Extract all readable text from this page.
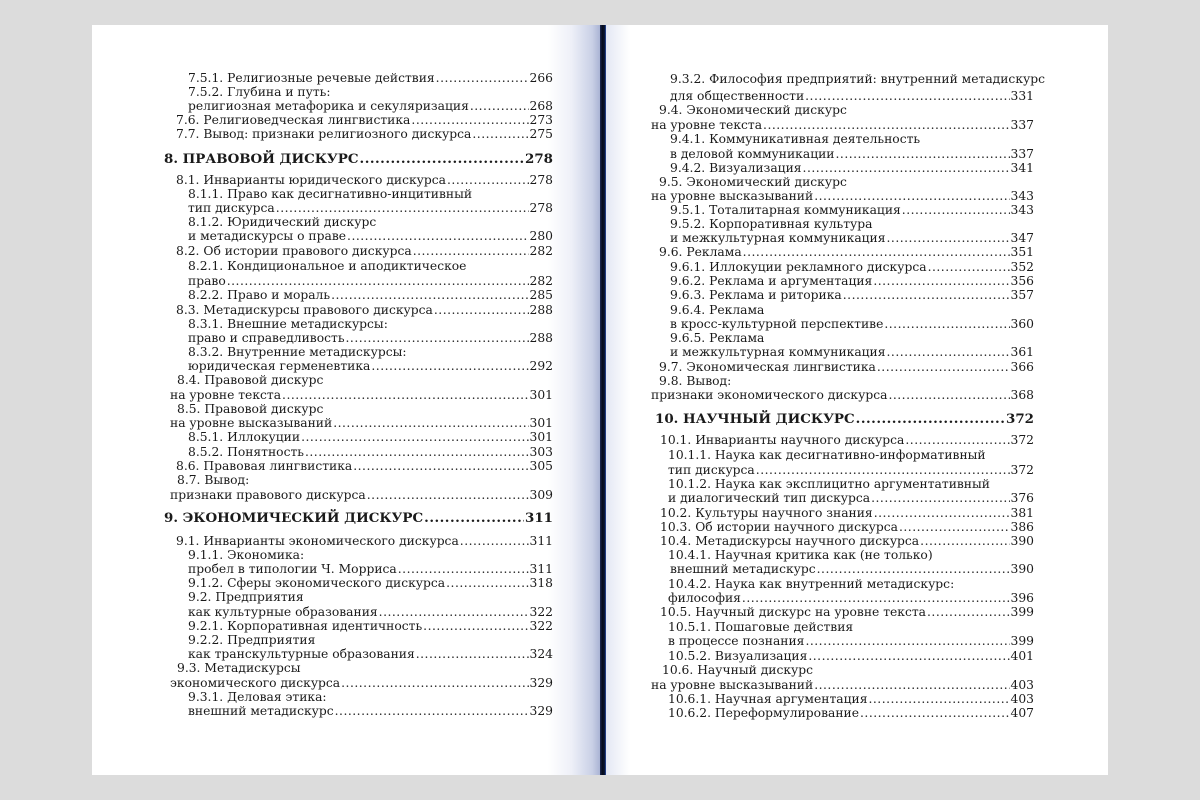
7.5.1. Религиозные речевые действия .....	266
7.5.2. Глубина и путь:
религиозная метафорика и секуляризация .....	268
7.6. Религиоведческая лингвистика .....	273
7.7. Вывод: признаки религиозного дискурса .....	275
8. ПРАВОВОЙ ДИСКУРС .....	278
8.1. Инварианты юридического дискурса .....	278
8.1.1. Право как десигнативно-инцитивный
тип дискурса .....	278
8.1.2. Юридический дискурс
и метадискурсы о праве .....	280
8.2. Об истории правового дискурса .....	282
8.2.1. Кондициональное и аподиктическое
право .....	282
8.2.2. Право и мораль .....	285
8.3. Метадискурсы правового дискурса .....	288
8.3.1. Внешние метадискурсы:
право и справедливость .....	288
8.3.2. Внутренние метадискурсы:
юридическая герменевтика .....	292
8.4. Правовой дискурс
на уровне текста .....	301
8.5. Правовой дискурс
на уровне высказываний .....	301
8.5.1. Иллокуции .....	301
8.5.2. Понятность .....	303
8.6. Правовая лингвистика .....	305
8.7. Вывод:
признаки правового дискурса .....	309
9. ЭКОНОМИЧЕСКИЙ ДИСКУРС .....	311
9.1. Инварианты экономического дискурса .....	311
9.1.1. Экономика:
пробел в типологии Ч. Морриса .....	311
9.1.2. Сферы экономического дискурса .....	318
9.2. Предприятия
как культурные образования .....	322
9.2.1. Корпоративная идентичность .....	322
9.2.2. Предприятия
как транскультурные образования .....	324
9.3. Метадискурсы
экономического дискурса .....	329
9.3.1. Деловая этика:
внешний метадискурс .....	329
9.3.2. Философия предприятий: внутренний метадискурс
для общественности .....	331
9.4. Экономический дискурс
на уровне текста .....	337
9.4.1. Коммуникативная деятельность
в деловой коммуникации .....	337
9.4.2. Визуализация .....	341
9.5. Экономический дискурс
на уровне высказываний .....	343
9.5.1. Тоталитарная коммуникация .....	343
9.5.2. Корпоративная культура
и межкультурная коммуникация .....	347
9.6. Реклама .....	351
9.6.1. Иллокуции рекламного дискурса .....	352
9.6.2. Реклама и аргументация .....	356
9.6.3. Реклама и риторика .....	357
9.6.4. Реклама
в кросс-культурной перспективе .....	360
9.6.5. Реклама
и межкультурная коммуникация .....	361
9.7. Экономическая лингвистика .....	366
9.8. Вывод:
признаки экономического дискурса .....	368
10. НАУЧНЫЙ ДИСКУРС .....	372
10.1. Инварианты научного дискурса .....	372
10.1.1. Наука как десигнативно-информативный
тип дискурса .....	372
10.1.2. Наука как эксплицитно аргументативный
и диалогический тип дискурса .....	376
10.2. Культуры научного знания .....	381
10.3. Об истории научного дискурса .....	386
10.4. Метадискурсы научного дискурса .....	390
10.4.1. Научная критика как (не только)
внешний метадискурс .....	390
10.4.2. Наука как внутренний метадискурс:
философия .....	396
10.5. Научный дискурс на уровне текста .....	399
10.5.1. Пошаговые действия
в процессе познания .....	399
10.5.2. Визуализация .....	401
10.6. Научный дискурс
на уровне высказываний .....	403
10.6.1. Научная аргументация .....	403
10.6.2. Переформулирование .....	407
